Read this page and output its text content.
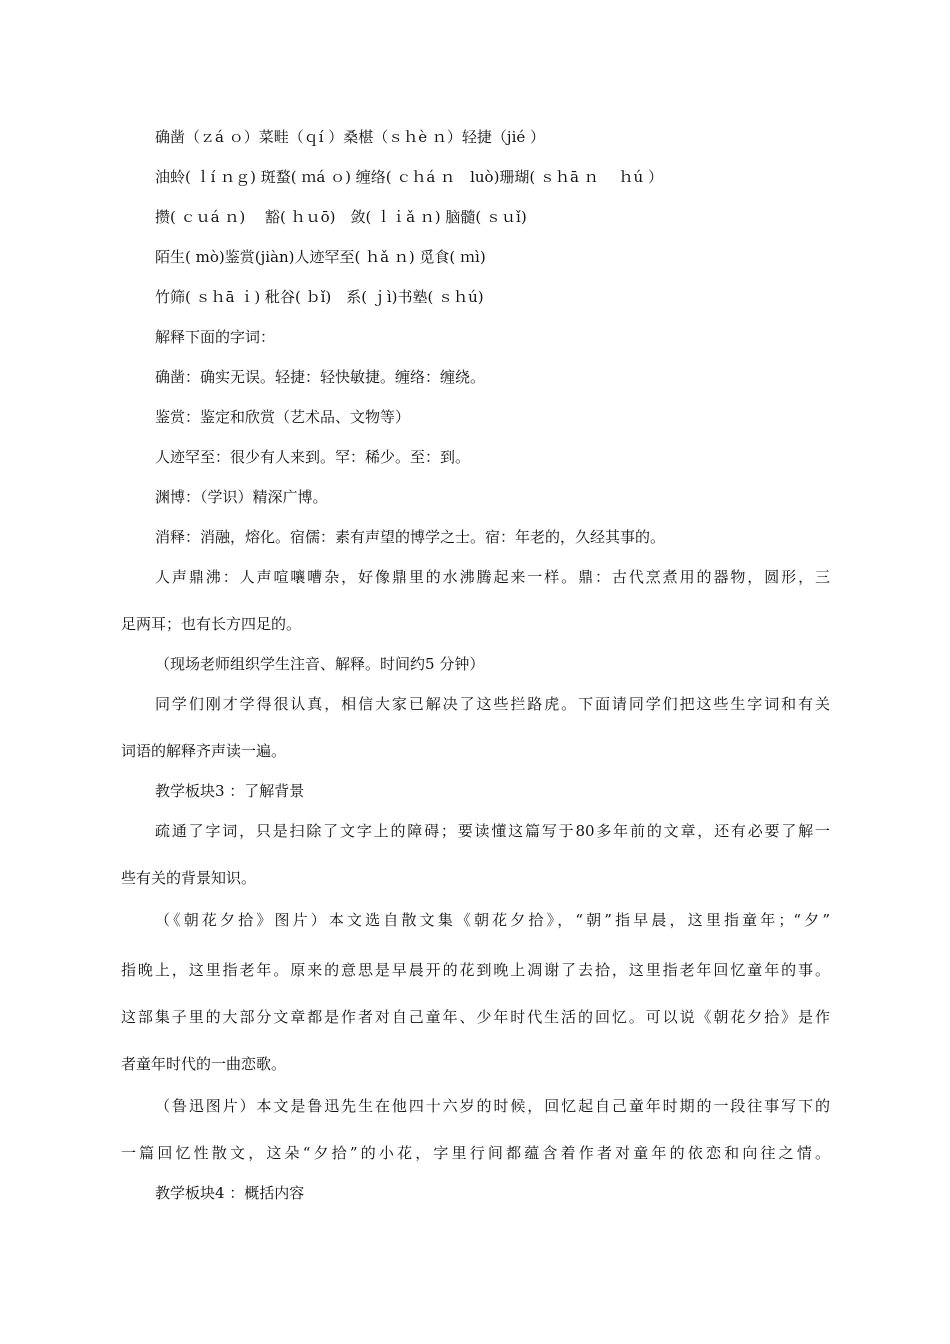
确凿（ｚá ｏ）菜畦（ｑí ）桑椹（ｓｈè ｎ）轻捷（jié ）
油蛉( ｌí ｎｇ) 斑蝥( ｍá ｏ) 缠络( ｃｈá ｎ　luò)珊瑚( ｓｈā ｎ　 ｈú ）
攒( ｃｕá ｎ)　 豁( ｈｕō)　敛( ｌｉǎ ｎ) 脑髓( ｓｕǐ)
陌生( mò)鉴赏(jiàn)人迹罕至( ｈǎ ｎ) 觅食( ｍì)
竹筛( ｓｈā ｉ) 秕谷( ｂǐ)　系( ｊì)书塾( ｓｈú)
解释下面的字词：
确凿：确实无误。轻捷：轻快敏捷。缠络：缠绕。
鉴赏：鉴定和欣赏（艺术品、文物等）
人迹罕至：很少有人来到。罕：稀少。至：到。
渊博：（学识）精深广博。
消释：消融，熔化。宿儒：素有声望的博学之士。宿：年老的，久经其事的。
人声鼎沸：人声喧嚷嘈杂，好像鼎里的水沸腾起来一样。鼎：古代烹煮用的器物，圆形，三
足两耳；也有长方四足的。
（现场老师组织学生注音、解释。时间约5 分钟）
同学们刚才学得很认真，相信大家已解决了这些拦路虎。下面请同学们把这些生字词和有关
词语的解释齐声读一遍。
教学板块3 ：了解背景
疏通了字词，只是扫除了文字上的障碍；要读懂这篇写于80多年前的文章，还有必要了解一
些有关的背景知识。
（《朝花夕拾》图片）本文选自散文集《朝花夕拾》，“朝”指早晨，这里指童年；“夕”
指晚上，这里指老年。原来的意思是早晨开的花到晚上凋谢了去拾，这里指老年回忆童年的事。
这部集子里的大部分文章都是作者对自己童年、少年时代生活的回忆。可以说《朝花夕拾》是作
者童年时代的一曲恋歌。
（鲁迅图片）本文是鲁迅先生在他四十六岁的时候，回忆起自己童年时期的一段往事写下的
一篇回忆性散文，这朵“夕拾”的小花，字里行间都蕴含着作者对童年的依恋和向往之情。
教学板块4 ：概括内容
